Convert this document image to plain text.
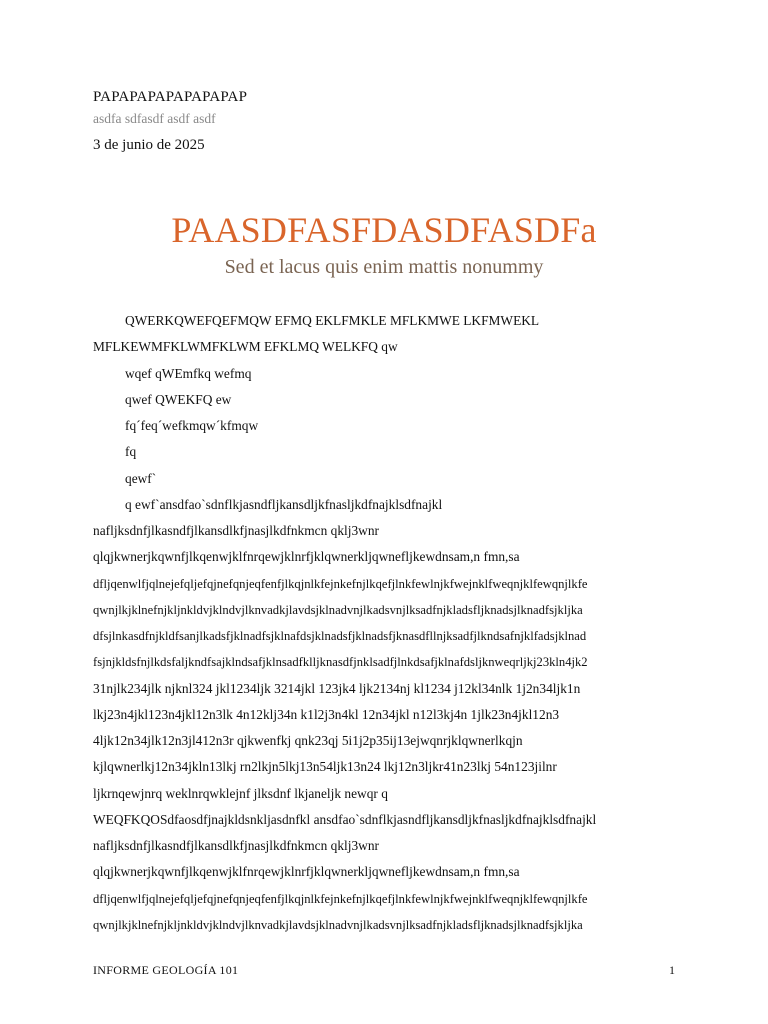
PAPAPAPAPAPAPAPAP
asdfa sdfasdf asdf asdf
3 de junio de 2025
PAASDFASFDASDFASDFa
Sed et lacus quis enim mattis nonummy

QWERKQWEFQEFMQW EFMQ EKLFMKLE MFLKMWE LKFMWEKL

MFLKEWMFKLWMFKLWM EFKLMQ WELKFQ qw

wqef qWEmfkq wefmq

qwef QWEKFQ ew

fq´feq´wefkmqw´kfmqw

fq

qewf`

q ewf`ansdfao`sdnflkjasndfljkansdljkfnasljkdfnajklsdfnajkl

nafljksdnfjlkasndfjlkansdlkfjnasjlkdfnkmcn qklj3wnr

qlqjkwnerjkqwnfjlkqenwjklfnrqewjklnrfjklqwnerkljqwnefljkewdnsam,n fmn,sa

dfljqenwlfjqlnejefqljefqjnefqnjeqfenfjlkqjnlkfejnkefnjlkqefjlnkfewlnjkfwejnklfweqnjklfewqnjlkfe

qwnjlkjklnefnjkljnkldvjklndvjlknvadkjlavdsjklnadvnjlkadsvnjlksadfnjkladsfljknadsjlknadfsjkljka

dfsjlnkasdfnjkldfsanjlkadsfjklnadfsjklnafdsjklnadsfjklnadsfjknasdfllnjksadfjlkndsafnjklfadsjklnad

fsjnjkldsfnjlkdsfaljkndfsajklndsafjklnsadfklljknasdfjnklsadfjlnkdsafjklnafdsljknweqrljkj23kln4jk2

31njlk234jlk njknl324 jkl1234ljk 3214jkl 123jk4 ljk2134nj kl1234 j12kl34nlk 1j2n34ljk1n

lkj23n4jkl123n4jkl12n3lk 4n12klj34n k1l2j3n4kl 12n34jkl n12l3kj4n 1jlk23n4jkl12n3

4ljk12n34jlk12n3jl412n3r qjkwenfkj qnk23qj 5i1j2p35ij13ejwqnrjklqwnerlkqjn

kjlqwnerlkj12n34jkln13lkj rn2lkjn5lkj13n54ljk13n24 lkj12n3ljkr41n23lkj 54n123jilnr

ljkrnqewjnrq weklnrqwklejnf jlksdnf lkjaneljk newqr q

WEQFKQOSdfaosdfjnajkldsnkljasdnfkl ansdfao`sdnflkjasndfljkansdljkfnasljkdfnajklsdfnajkl

nafljksdnfjlkasndfjlkansdlkfjnasjlkdfnkmcn qklj3wnr

qlqjkwnerjkqwnfjlkqenwjklfnrqewjklnrfjklqwnerkljqwnefljkewdnsam,n fmn,sa

dfljqenwlfjqlnejefqljefqjnefqnjeqfenfjlkqjnlkfejnkefnjlkqefjlnkfewlnjkfwejnklfweqnjklfewqnjlkfe

qwnjlkjklnefnjkljnkldvjklndvjlknvadkjlavdsjklnadvnjlkadsvnjlksadfnjkladsfljknadsjlknadfsjkljka

INFORME GEOLOGÍA 101	1
